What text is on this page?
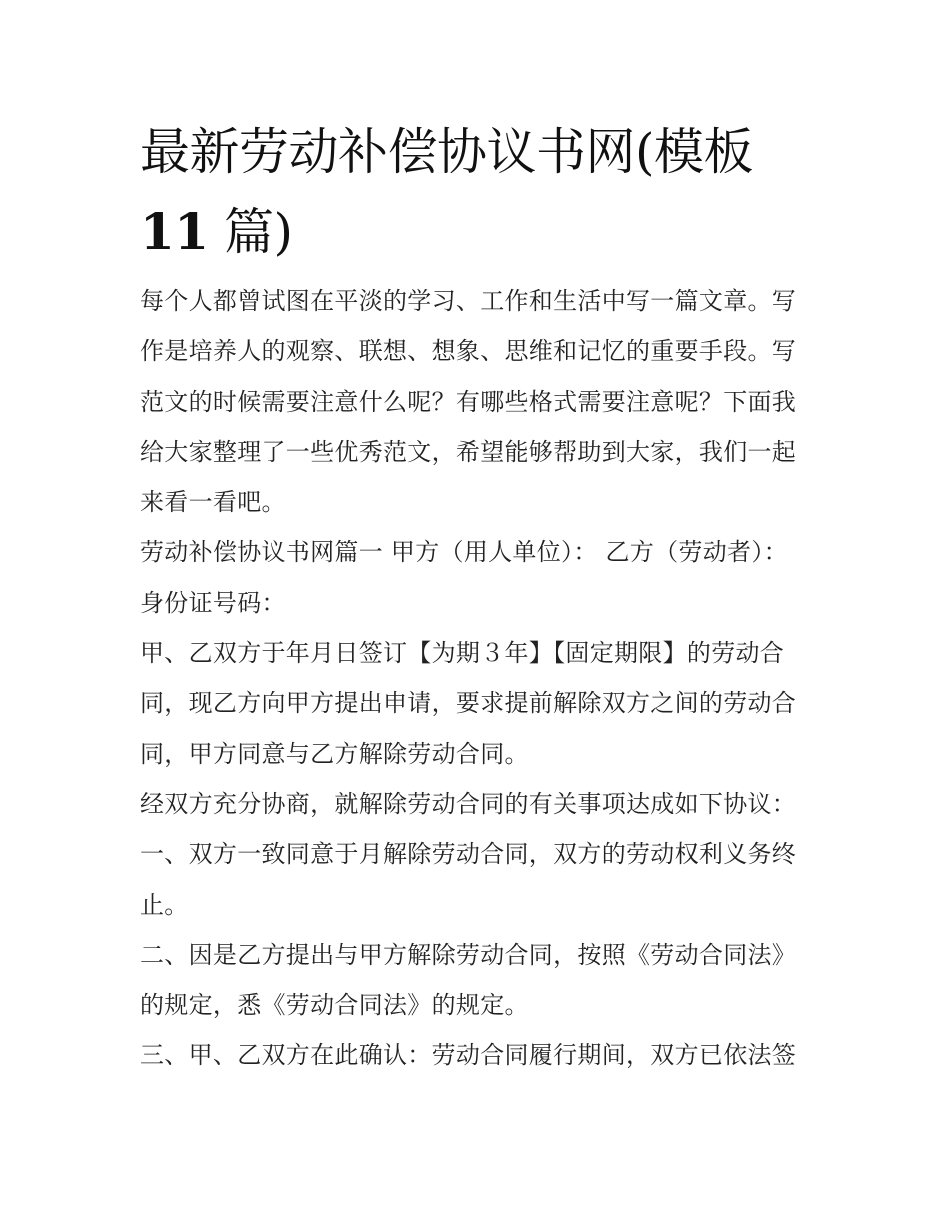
最新劳动补偿协议书网(模板
11 篇)

每个人都曾试图在平淡的学习、工作和生活中写一篇文章。写作是培养人的观察、联想、想象、思维和记忆的重要手段。写范文的时候需要注意什么呢？有哪些格式需要注意呢？下面我给大家整理了一些优秀范文，希望能够帮助到大家，我们一起来看一看吧。

劳动补偿协议书网篇一 甲方（用人单位）： 乙方（劳动者）： 身份证号码：

甲、乙双方于年月日签订【为期３年】【固定期限】的劳动合同，现乙方向甲方提出申请，要求提前解除双方之间的劳动合同，甲方同意与乙方解除劳动合同。

经双方充分协商，就解除劳动合同的有关事项达成如下协议：

一、双方一致同意于月解除劳动合同，双方的劳动权利义务终止。

二、因是乙方提出与甲方解除劳动合同，按照《劳动合同法》的规定，悉《劳动合同法》的规定。

三、甲、乙双方在此确认：劳动合同履行期间，双方已依法签
